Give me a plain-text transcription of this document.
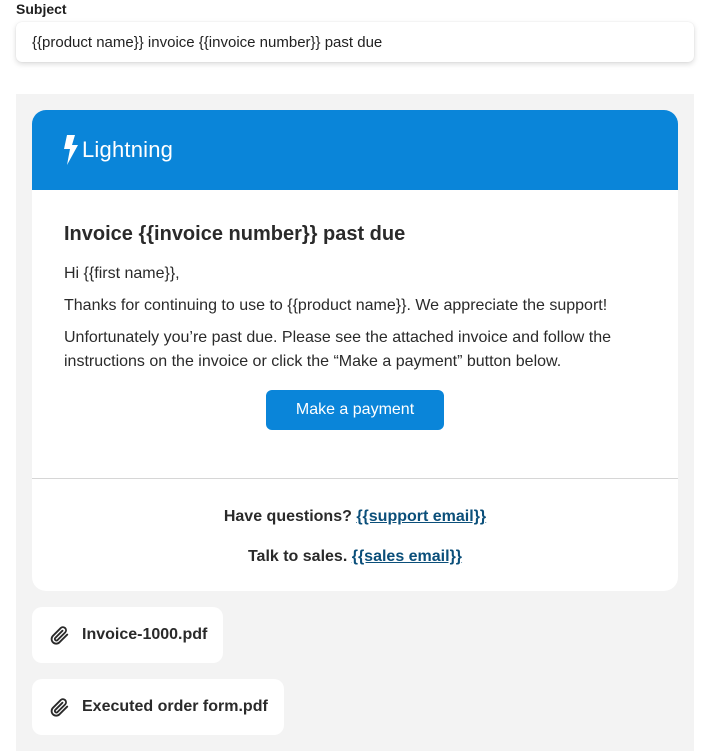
Subject
{{product name}} invoice {{invoice number}} past due
Lightning
Invoice {{invoice number}} past due
Hi {{first name}},
Thanks for continuing to use to {{product name}}. We appreciate the support!
Unfortunately you’re past due. Please see the attached invoice and follow the instructions on the invoice or click the “Make a payment” button below.
Make a payment
Have questions? {{support email}}
Talk to sales. {{sales email}}
Invoice-1000.pdf
Executed order form.pdf
